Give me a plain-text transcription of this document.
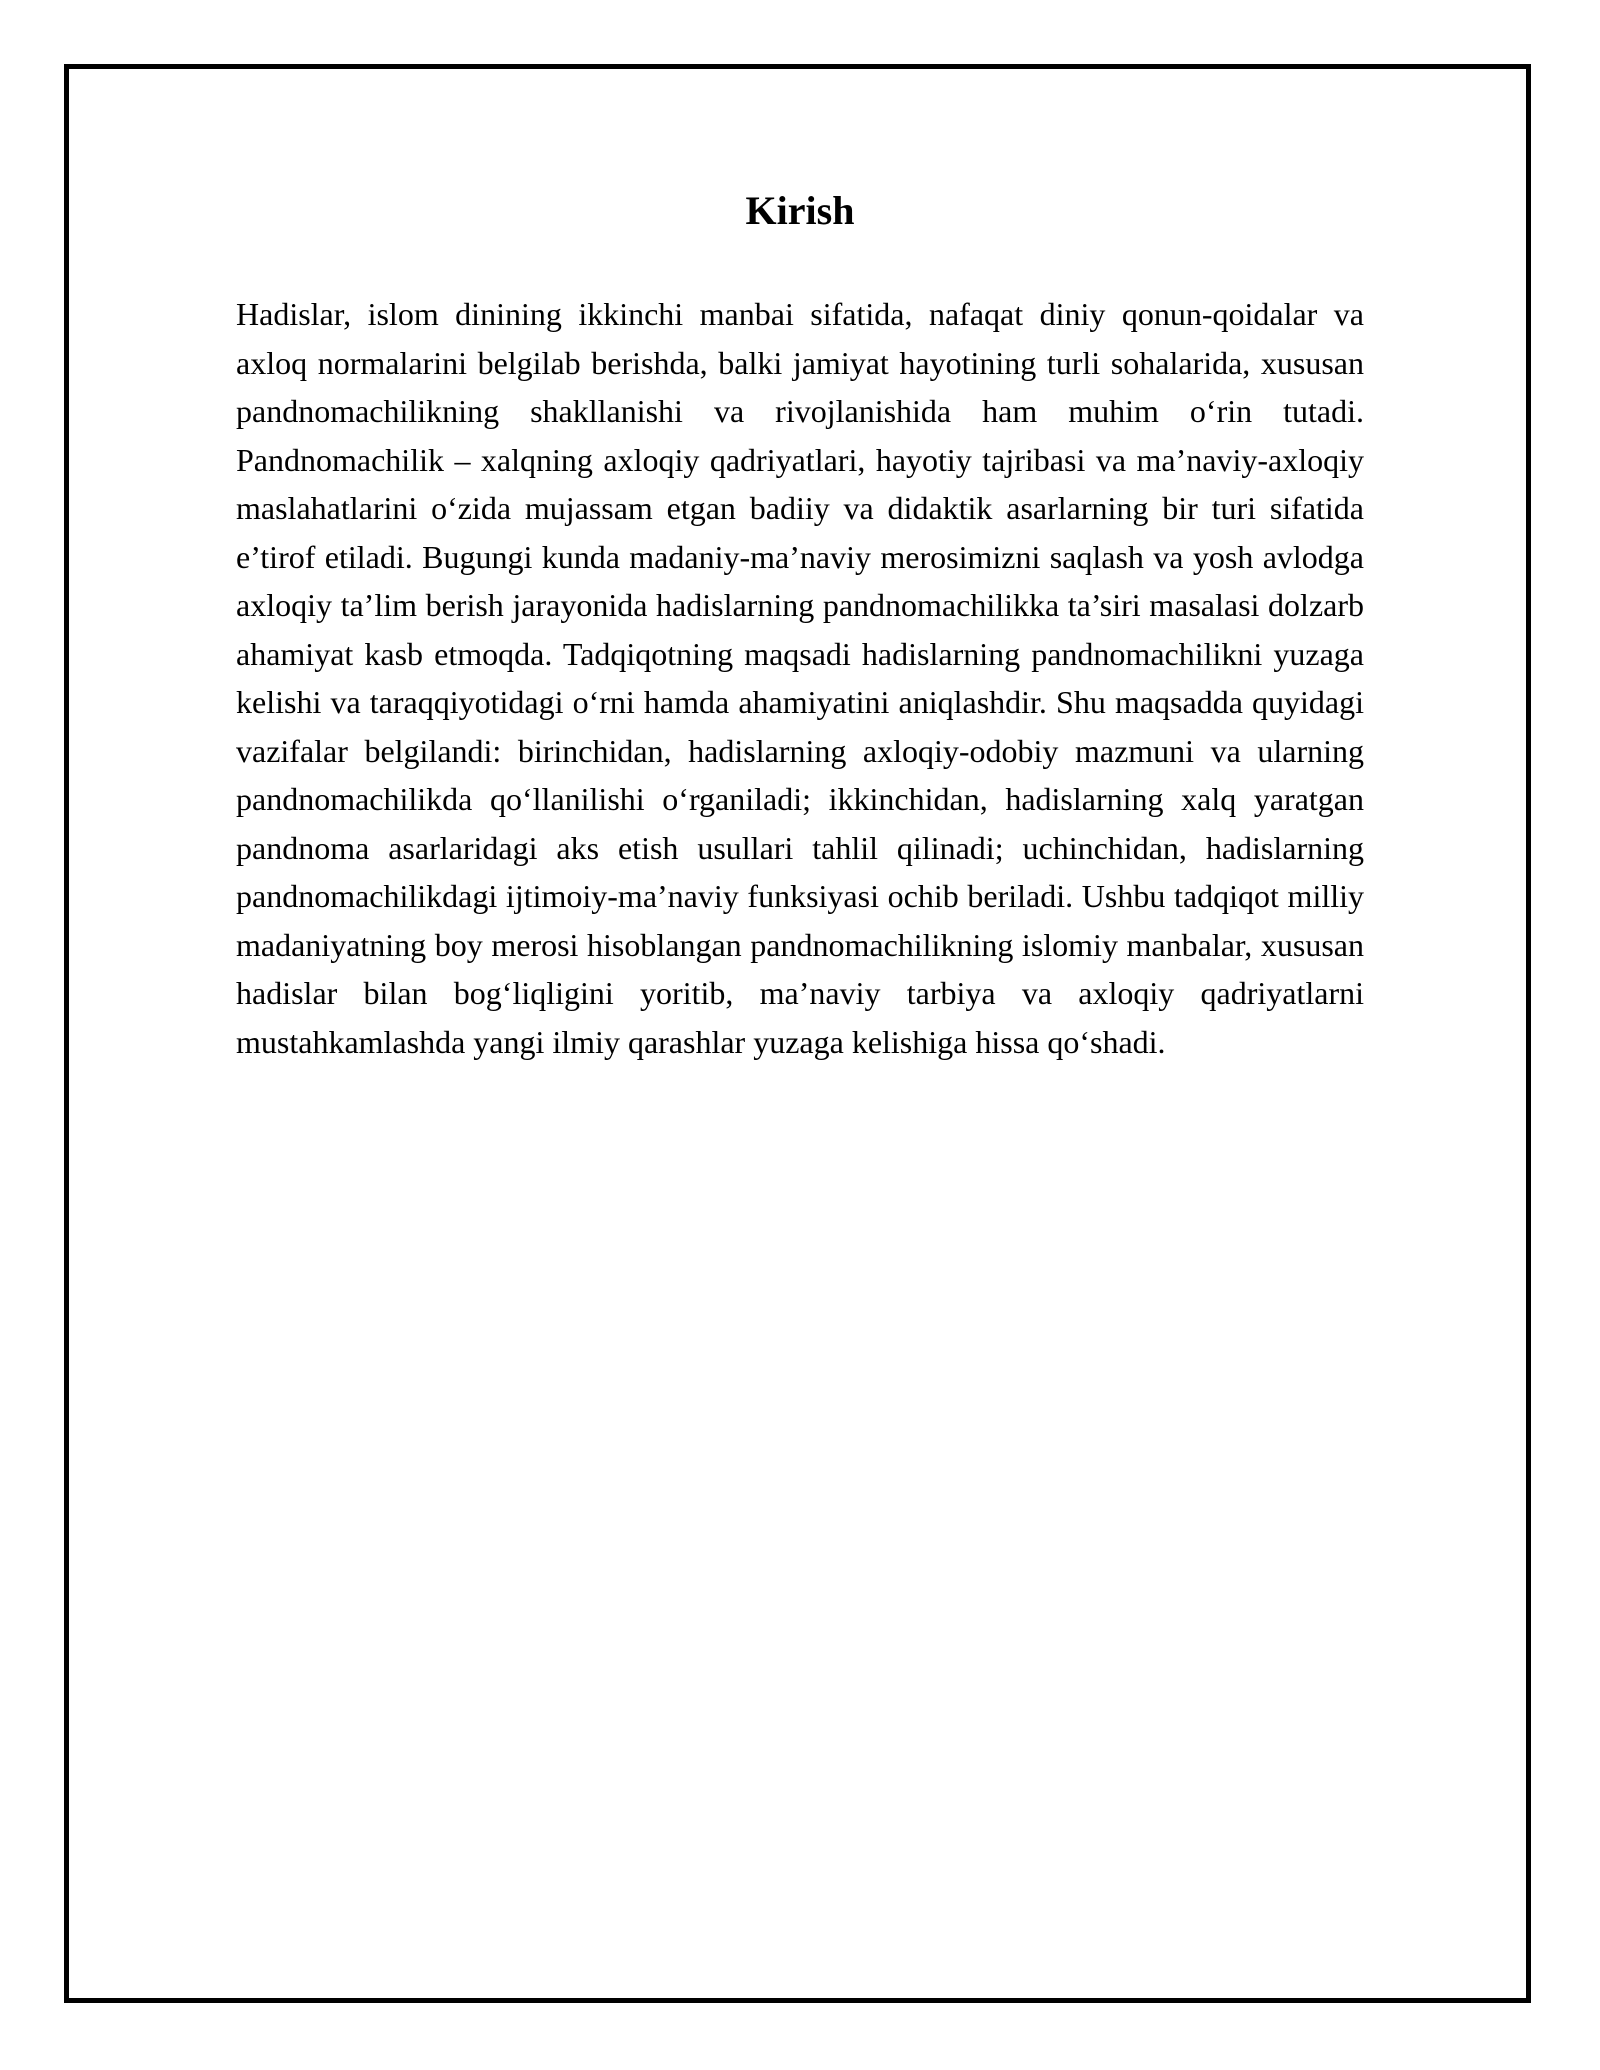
Kirish

Hadislar, islom dinining ikkinchi manbai sifatida, nafaqat diniy qonun-qoidalar va axloq normalarini belgilab berishda, balki jamiyat hayotining turli sohalarida, xususan pandnomachilikning shakllanishi va rivojlanishida ham muhim o‘rin tutadi. Pandnomachilik – xalqning axloqiy qadriyatlari, hayotiy tajribasi va ma’naviy-axloqiy maslahatlarini o‘zida mujassam etgan badiiy va didaktik asarlarning bir turi sifatida e’tirof etiladi. Bugungi kunda madaniy-ma’naviy merosimizni saqlash va yosh avlodga axloqiy ta’lim berish jarayonida hadislarning pandnomachilikka ta’siri masalasi dolzarb ahamiyat kasb etmoqda. Tadqiqotning maqsadi hadislarning pandnomachilikni yuzaga kelishi va taraqqiyotidagi o‘rni hamda ahamiyatini aniqlashdir. Shu maqsadda quyidagi vazifalar belgilandi: birinchidan, hadislarning axloqiy-odobiy mazmuni va ularning pandnomachilikda qo‘llanilishi o‘rganiladi; ikkinchidan, hadislarning xalq yaratgan pandnoma asarlaridagi aks etish usullari tahlil qilinadi; uchinchidan, hadislarning pandnomachilikdagi ijtimoiy-ma’naviy funksiyasi ochib beriladi. Ushbu tadqiqot milliy madaniyatning boy merosi hisoblangan pandnomachilikning islomiy manbalar, xususan hadislar bilan bog‘liqligini yoritib, ma’naviy tarbiya va axloqiy qadriyatlarni mustahkamlashda yangi ilmiy qarashlar yuzaga kelishiga hissa qo‘shadi.
